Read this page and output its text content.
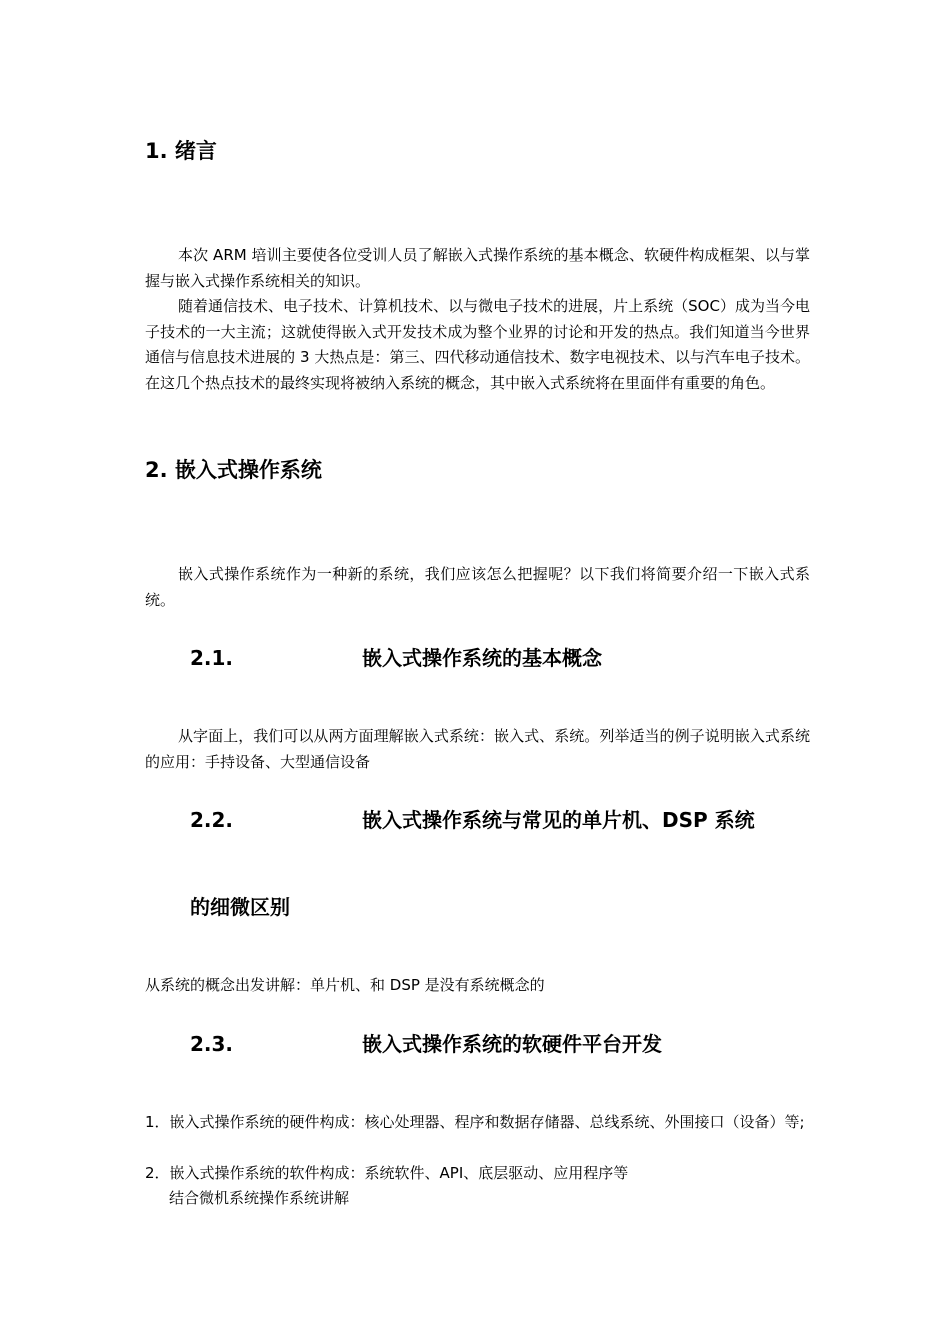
1. 绪言

本次 ARM 培训主要使各位受训人员了解嵌入式操作系统的基本概念、软硬件构成框架、以与掌握与嵌入式操作系统相关的知识。

随着通信技术、电子技术、计算机技术、以与微电子技术的进展，片上系统（SOC）成为当今电子技术的一大主流；这就使得嵌入式开发技术成为整个业界的讨论和开发的热点。我们知道当今世界通信与信息技术进展的 3 大热点是：第三、四代移动通信技术、数字电视技术、以与汽车电子技术。在这几个热点技术的最终实现将被纳入系统的概念，其中嵌入式系统将在里面伴有重要的角色。

2. 嵌入式操作系统

嵌入式操作系统作为一种新的系统，我们应该怎么把握呢？以下我们将简要介绍一下嵌入式系统。

2.1.	嵌入式操作系统的基本概念

从字面上，我们可以从两方面理解嵌入式系统：嵌入式、系统。列举适当的例子说明嵌入式系统的应用：手持设备、大型通信设备

2.2.	嵌入式操作系统与常见的单片机、DSP 系统
的细微区别

从系统的概念出发讲解：单片机、和 DSP 是没有系统概念的

2.3.	嵌入式操作系统的软硬件平台开发

1．嵌入式操作系统的硬件构成：核心处理器、程序和数据存储器、总线系统、外围接口（设备）等;

2．嵌入式操作系统的软件构成：系统软件、API、底层驱动、应用程序等

结合微机系统操作系统讲解
